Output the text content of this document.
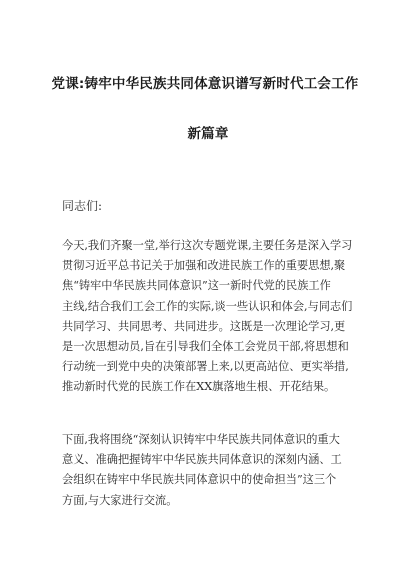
党课:铸牢中华民族共同体意识谱写新时代工会工作
新篇章
同志们:
今天,我们齐聚一堂,举行这次专题党课,主要任务是深入学习
贯彻习近平总书记关于加强和改进民族工作的重要思想,聚
焦“铸牢中华民族共同体意识”这一新时代党的民族工作
主线,结合我们工会工作的实际,谈一些认识和体会,与同志们
共同学习、共同思考、共同进步。这既是一次理论学习,更
是一次思想动员,旨在引导我们全体工会党员干部,将思想和
行动统一到党中央的决策部署上来,以更高站位、更实举措,
推动新时代党的民族工作在XX旗落地生根、开花结果。
下面,我将围绕“深刻认识铸牢中华民族共同体意识的重大
意义、准确把握铸牢中华民族共同体意识的深刻内涵、工
会组织在铸牢中华民族共同体意识中的使命担当”这三个
方面,与大家进行交流。
